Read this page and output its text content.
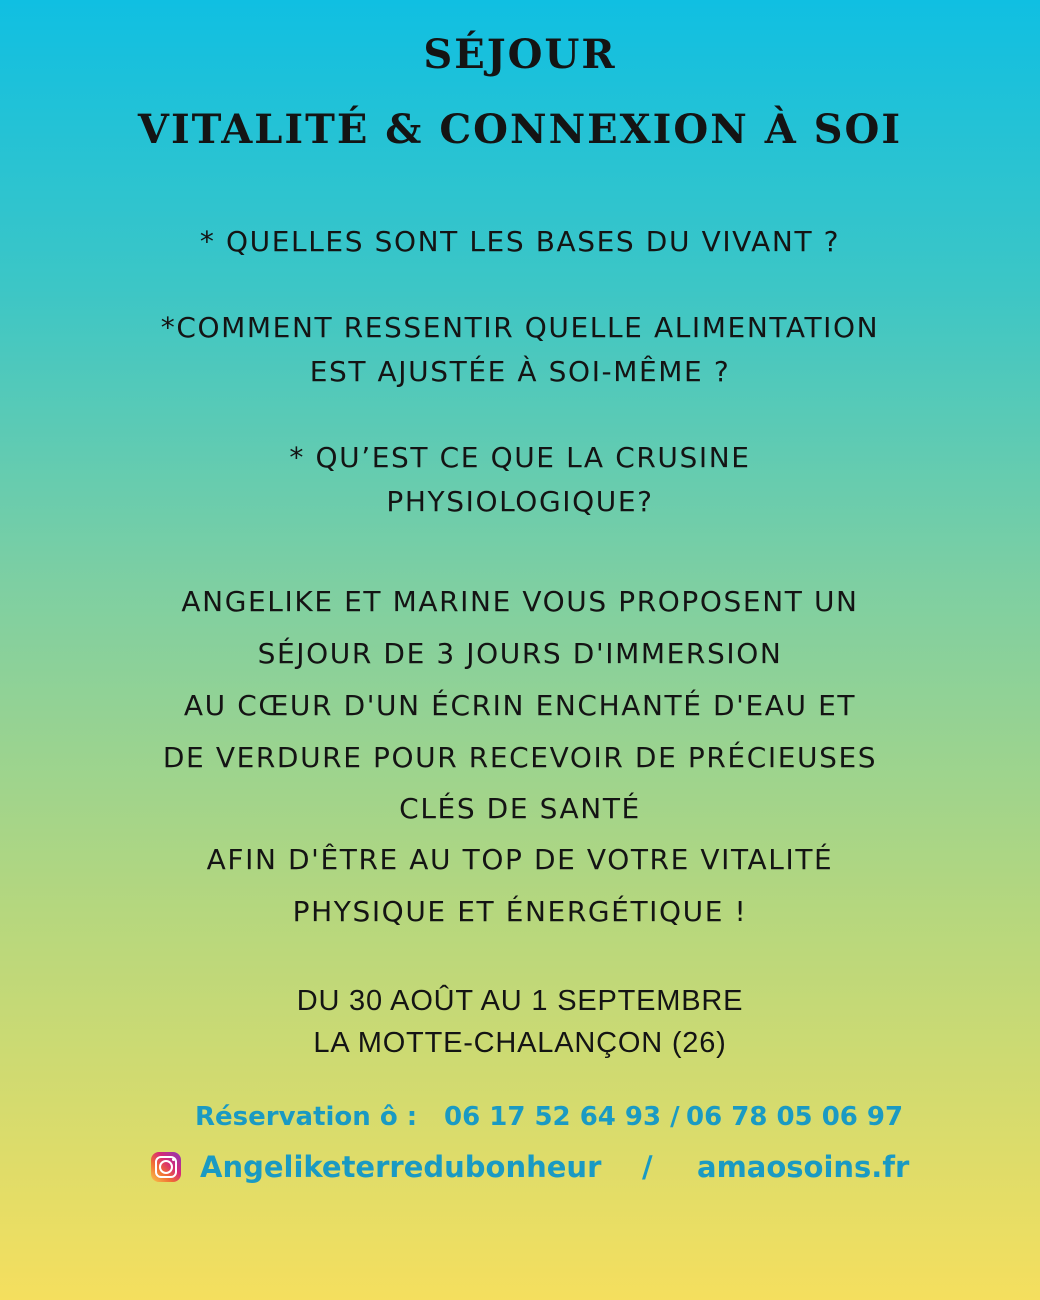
SÉJOUR
VITALITÉ & CONNEXION À SOI
* QUELLES SONT LES BASES DU VIVANT ?
*COMMENT RESSENTIR QUELLE ALIMENTATION
EST AJUSTÉE À SOI-MÊME ?
* QU’EST CE QUE LA CRUSINE
PHYSIOLOGIQUE?
ANGELIKE ET MARINE VOUS PROPOSENT UN
SÉJOUR DE 3 JOURS D'IMMERSION
AU CŒUR D'UN ÉCRIN ENCHANTÉ D'EAU ET
DE VERDURE POUR RECEVOIR DE PRÉCIEUSES
CLÉS DE SANTÉ
AFIN D'ÊTRE AU TOP DE VOTRE VITALITÉ
PHYSIQUE ET ÉNERGÉTIQUE !
DU 30 AOÛT AU 1 SEPTEMBRE
LA MOTTE-CHALANÇON (26)
Réservation ô : 06 17 52 64 93 / 06 78 05 06 97
Angeliketerredubonheur / amaosoins.fr
